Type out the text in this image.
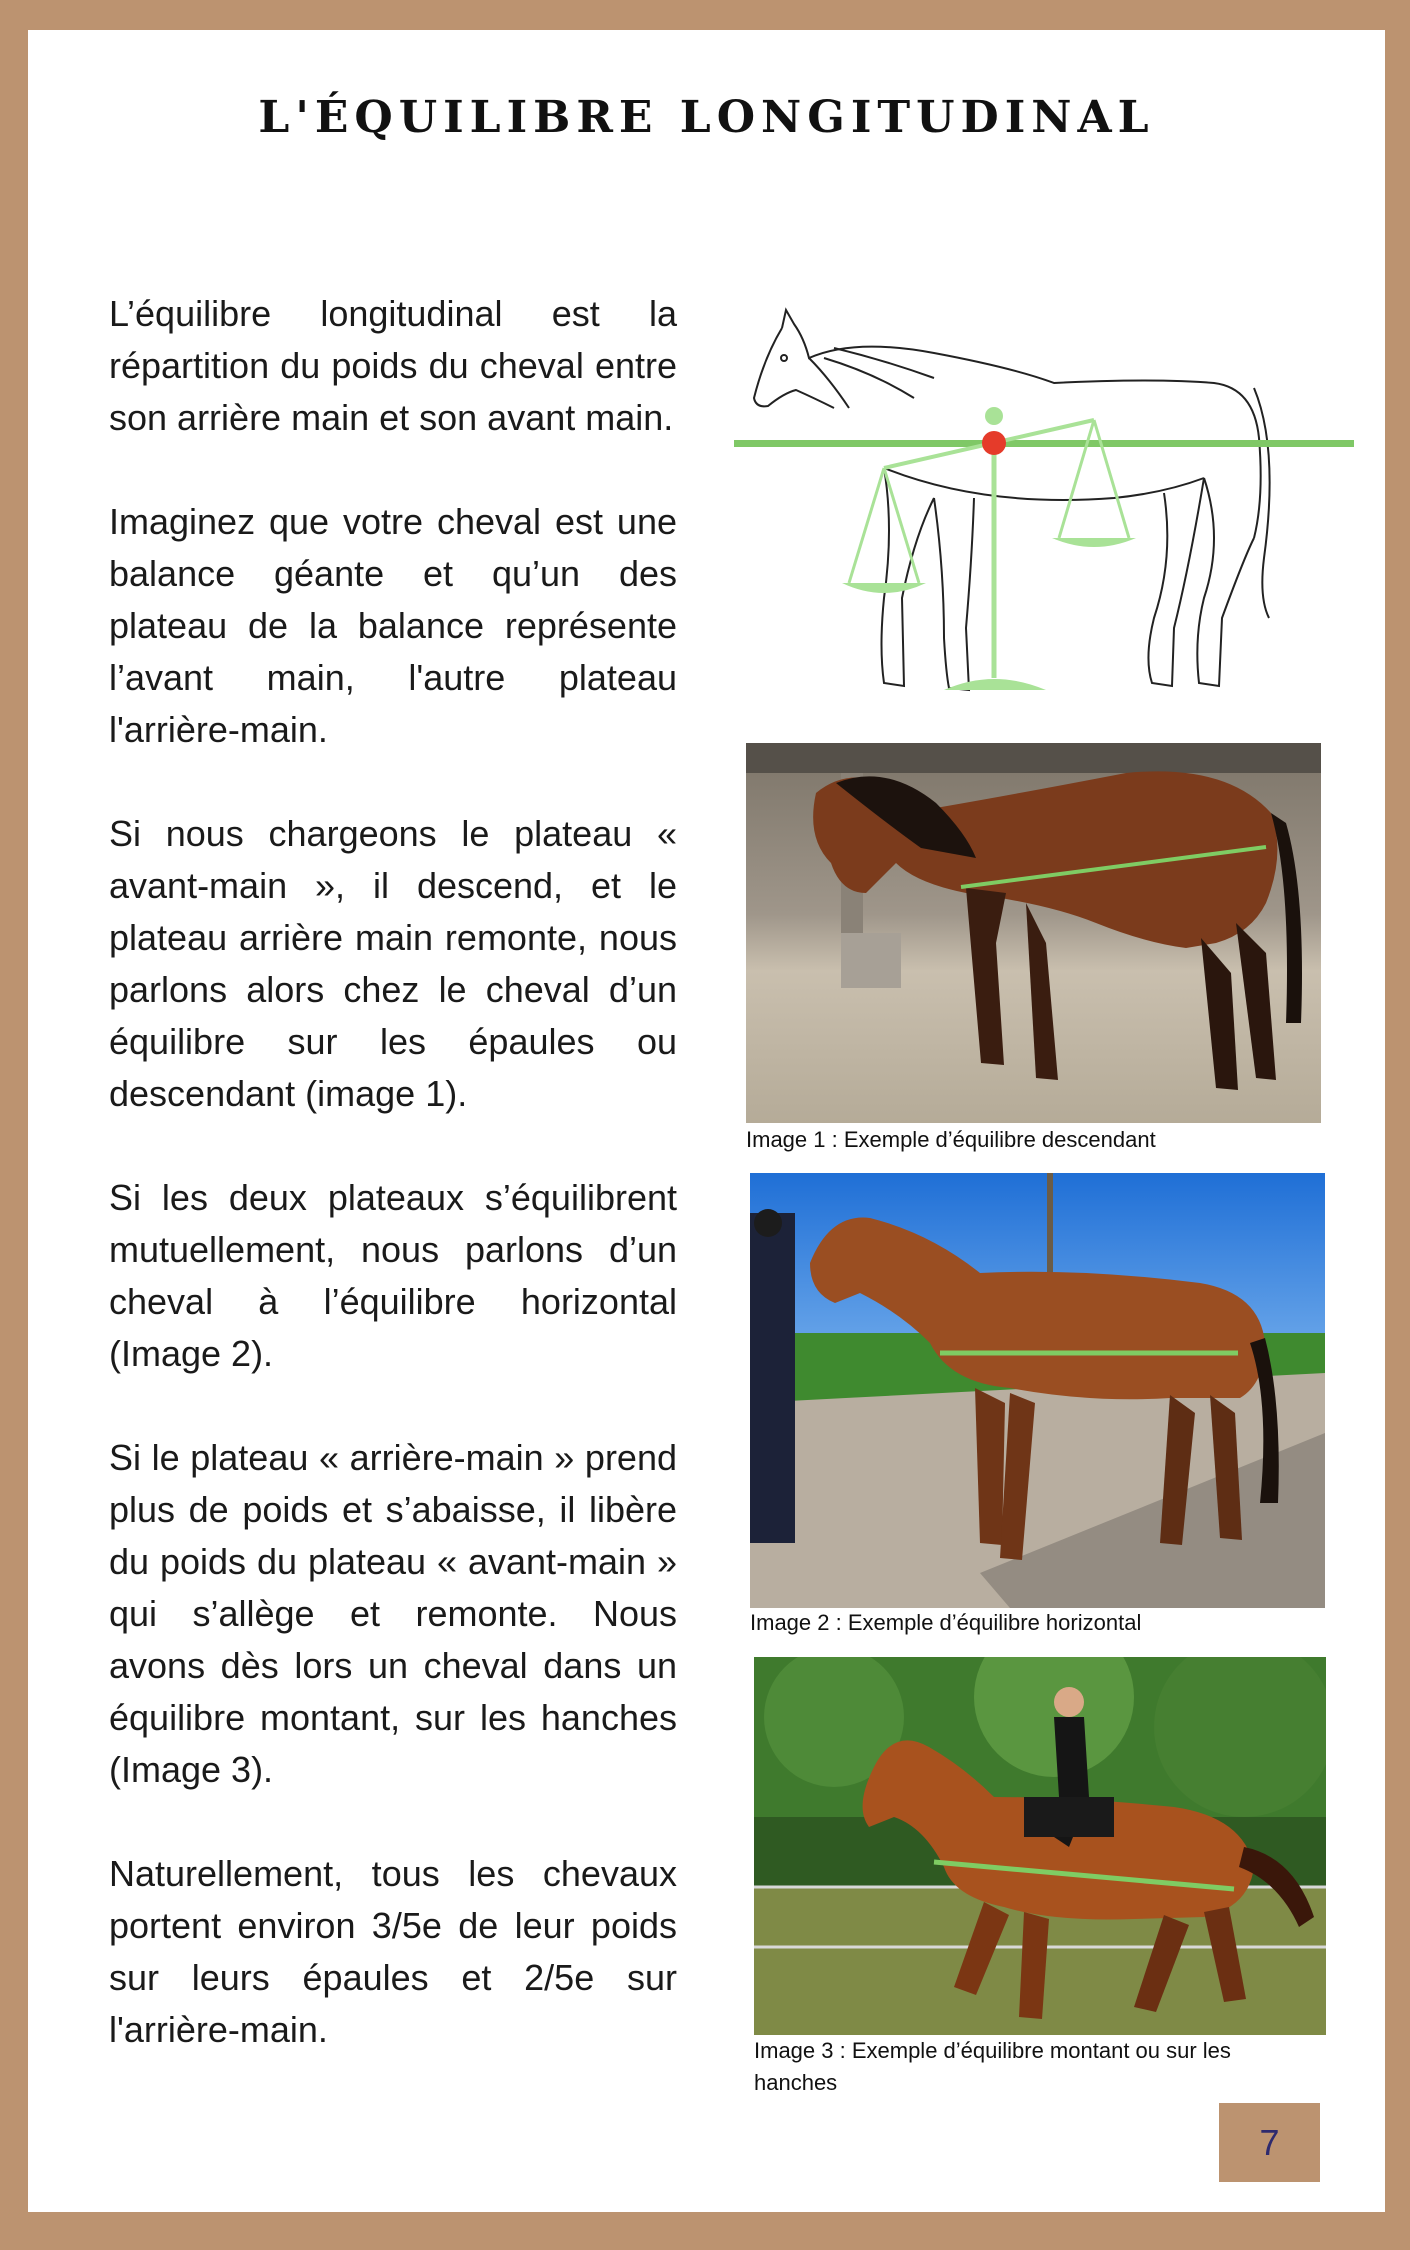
L'ÉQUILIBRE LONGITUDINAL

L’équilibre longitudinal est la répartition du poids du cheval entre son arrière main et son avant main.

Imaginez que votre cheval est une balance géante et qu’un des plateau de la balance représente l’avant main, l'autre plateau l'arrière-main.

Si nous chargeons le plateau « avant-main », il descend, et le plateau arrière main remonte, nous parlons alors chez le cheval d’un équilibre sur les épaules ou descendant (image 1).

Si les deux plateaux s’équilibrent mutuellement, nous parlons d’un cheval à l’équilibre horizontal (Image 2).

Si le plateau « arrière-main » prend plus de poids et s’abaisse, il libère du poids du plateau « avant-main » qui s’allège et remonte. Nous avons dès lors un cheval dans un équilibre montant, sur les hanches (Image 3).

Naturellement, tous les chevaux portent environ 3/5e de leur poids sur leurs épaules et 2/5e sur l'arrière-main.

Image 1 : Exemple d’équilibre descendant
Image 2 : Exemple d’équilibre horizontal
Image 3 : Exemple d’équilibre montant ou sur les hanches
7
